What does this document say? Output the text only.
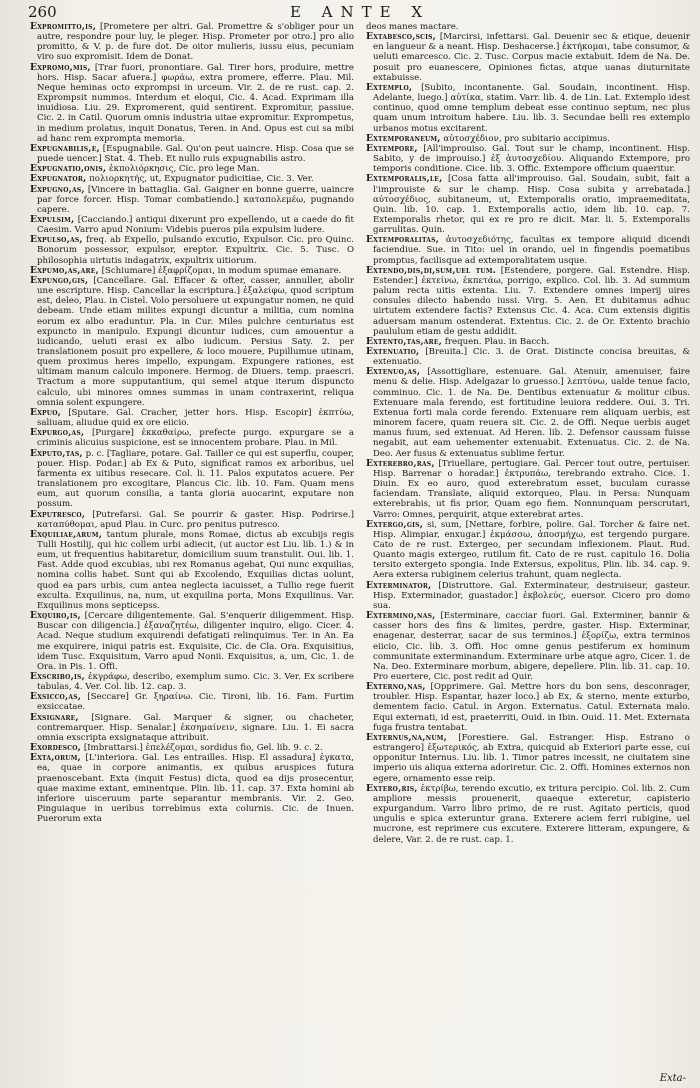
260	E ANTE X

Expromitto,is, [Prometere per altri. Gal. Promettre & s'obliger pour un autre, respondre pour luy, le pleger. Hisp. Prometer por otro.] pro alio promitto, & V. p. de fure dot. De oitor mulieris, iussu eius, pecuniam viro suo expromisit. Idem de Donat.

Expromo,mis, [Trar fuori, pronontiare. Gal. Tirer hors, produire, mettre hors. Hisp. Sacar afuera.] φωράω, extra promere, efferre. Plau. Mil. Neque heminas octo exprompsi in urceum. Vir. 2. de re rust. cap. 2. Exprompsit nummos. Interdum et eloqui, Cic. 4. Acad. Exprimam illa inuidiosa. Liu. 29. Expromerent, quid sentirent. Expromitur, passiue. Cic. 2. in Catil. Quorum omnis industria uitae expromitur. Exprompetus, in medium prolatus, inquit Donatus, Teren. in And. Opus est cui sa mibi ad hanc rem exprompta memoria.

Expugnabilis,e, [Espugnabile. Gal. Qu'on peut uaincre. Hisp. Cosa que se puede uencer.] Stat. 4. Theb. Et nullo ruis expugnabilis astro.

Expugnatio,onis, ἐκπολιόρκησις, Cic. pro lege Man.

Expugnator, πολιορκητής, ut, Expugnator pudicitiae, Cic. 3. Ver.

Expugno,as, [Vincere in battaglia. Gal. Gaigner en bonne guerre, uaincre par force forcer. Hisp. Tomar combatiendo.] καταπολεμέω, pugnando capere.

Expulsim, [Cacciando.] antiqui dixerunt pro expellendo, ut a caede do fit Caesim. Varro apud Nonium: Videbis pueros pila expulsim ludere.

Expulso,as, freq. ab Expello, pulsando excutio, Expulsor. Cic. pro Quinc. Bonorum possessor, expulsor, ereptor. Expultrix. Cic. 5. Tusc. O philosophia uirtutis indagatrix, expultrix uitiorum.

Expumo,as,are, [Schiumare] ἐξαφρίζομαι, in modum spumae emanare.

Expungo,gis, [Cancellare. Gal. Effacer & ofter, casser, annuller, abolir une escripture. Hisp. Cancellar la escriptura.] ἐξαλείφω, quod scriptum est, deleo, Plau. in Cistel. Volo persoluere ut expungatur nomen, ne quid debeam. Unde etiam milites expungi dicuntur a militia, cum nomina eorum ex albo eraduntur. Pla. in Cur. Miles pulchre centuriatus est expuncto in manipulo. Expungi dicuntur iudices, cum amouentur a iudicando, ueluti erasi ex albo iudicum. Persius Saty. 2. per translationem posuit pro expellere, & loco mouere, Pupillumue utinam, quem proximus heres impello, expungam. Expungere rationes, est ultimam manum calculo imponere. Hermog. de Diuers. temp. praescri. Tractum a more supputantium, qui semel atque iterum dispuncto calculo, ubi minores omnes summas in unam contraxerint, reliqua omnia solent expungere.

Expuo, [Sputare. Gal. Cracher, jetter hors. Hisp. Escopir] ἐκπτύω, saliuam, aliudue quid ex ore eiicio.

Expurgo,as, [Purgare] ἐκκαθαίρω, prefecte purgo. expurgare se a criminis alicuius suspicione, est se innocentem probare. Plau. in Mil.

Exputo,tas, p. c. [Tagliare, potare. Gal. Tailler ce qui est superflu, couper, pouer. Hisp. Podar.] ab Ex & Puto, significat ramos ex arboribus, uel farmenta ex uitibus resecare. Col. li. 11. Palos exputatos acuere. Per translationem pro excogitare, Plancus Cic. lib. 10. Fam. Quam mens eum, aut quorum consilia, a tanta gloria auocarint, exputare non possum.

Exputresco, [Putrefarsi. Gal. Se pourrir & gaster. Hisp. Podrirse.] καταπύθομαι, apud Plau. in Curc. pro penitus putresco.

Exquiliae,arum, tantum plurale, mons Romae, dictus ab excubijs regis Tulli Hostilij, qui hic collem urbi adiecit, (ut auctor est Liu. lib. 1.) & in eum, ut frequentius habitaretur, domicilium suum transtulit. Oui. lib. 1. Fast. Adde quod excubias, ubi rex Romanus agebat, Qui nunc exquilias, nomina collis habet. Sunt qui ab Excolendo, Exquilias dictas uolunt, quod ea pars urbis, cum antea neglecta iacuisset, a Tullio rege fuerit exculta. Exquilinus, na, num, ut exquilina porta, Mons Exquilinus. Var. Exquilinus mons septicepss.

Exquiro,is, [Cercare diligentemente. Gal. S'enquerir diligemment. Hisp. Buscar con diligencia.] ἐξαναζητέω, diligenter inquiro, eligo. Cicer. 4. Acad. Neque studium exquirendi defatigati relinquimus. Ter. in An. Ea me exquirere, iniqui patris est. Exquisite, Cic. de Cla. Ora. Exquisitius, idem Tusc. Exquisitum, Varro apud Nonii. Exquisitus, a, um, Cic. 1. de Ora. in Pis. 1. Offi.

Exscribo,is, ἐκγράφω, describo, exemplum sumo. Cic. 3. Ver. Ex scribere tabulas, 4. Ver. Col. lib. 12. cap. 3.

Exsicco,as, [Seccare] Gr. ξηραίνω. Cic. Tironi, lib. 16. Fam. Furtim exsiccatae.

Exsignare, [Signare. Gal. Marquer & signer, ou chacheter, contremarquer. Hisp. Senalar.] ἐκσημαίνειν, signare. Liu. 1. Ei sacra omnia exscripta exsignataque attribuit.

Exordesco, [Imbrattarsi.] ἐπελέζομαι, sordidus fio, Gel. lib. 9. c. 2.

Exta,orum, [L'interiora. Gal. Les entrailles. Hisp. El assadura] ἐγκατα, ea, quae in corpore animantis, ex quibus aruspices futura praenoscebant. Exta (inquit Festus) dicta, quod ea dijs prosecentur, quae maxime extant, eminentque. Plin. lib. 11. cap. 37. Exta homini ab inferiore uisceruum parte separantur membranis. Vir. 2. Geo. Pinguiaque in ueribus torrebimus exta colurnis. Cic. de Inuen. Puerorum exta

deos manes mactare.

Extabesco,scis, [Marcirsi, infettarsi. Gal. Deuenir sec & etique, deuenir en langueur & a neant. Hisp. Deshacerse.] ἐκτήκομαι, tabe consumor, & ueluti emarcesco. Cic. 2. Tusc. Corpus macie extabuit. Idem de Na. De. posuit pro euanescere, Opiniones fictas, atque uanas diuturnitate extabuisse.

Extemplo, [Subito, incontanente. Gal. Soudain, incontinent. Hisp. Adelante, luego.] αὐτίκα, statim. Varr. lib. 4. de Lin. Lat. Extemplo idest continuo, quod omne templum debeat esse continuo septum, nec plus quam unum introitum habere. Liu. lib. 3. Secundae belli res extemplo urbanos motus excitarent.

Extemporaneum, αὐτοσχέδιον, pro subitario accipimus.

Extempore, [All'improuiso. Gal. Tout sur le champ, incontinent. Hisp. Sabito, y de improuiso.] ἐξ ἀυτοσχεδίου. Aliquando Extempore, pro temporis conditione. Cice. lib. 3. Offic. Extempore officium quaeritur.

Extemporalis,le, [Cosa fatta all'improuiso. Gal. Soudain, subit, fait a l'improuiste & sur le champ. Hisp. Cosa subita y arrebatada.] αὐτοσχέδιος, subitaneum, ut, Extemporalis oratio, impraemeditata, Quin. lib. 10. cap. 1. Extemporalis actio, idem lib. 10. cap. 7. Extemporalis rhetor, qui ex re pro re dicit. Mar. li. 5. Extemporalis garrulitas. Quin.

Extemporalitas, ἀυτοσχεδιότης, facultas ex tempore aliquid dicendi faciendiue. Sue. in Tito: uel in orando, uel in fingendis poematibus promptus, facilisque ad extemporalitatem usque.

Extendo,dis,di,sum,uel tum. [Estendere, porgere. Gal. Estendre. Hisp. Estender.] ἐκτείνω, ἐκπετάω, porrigo, explico. Col. lib. 3. Ad summum palum recta uitis extenta. Liu. 7. Extendere omnes imperij uires consules dilecto habendo iussi. Virg. 5. Aen. Et dubitamus adhuc uirtutem extendere factis? Extensus Cic. 4. Aca. Cum extensis digitis aduersam manum ostenderat. Extentus. Cic. 2. de Or. Extento brachio paululum etiam de gestu addidit.

Extento,tas,are, frequen. Plau. in Bacch.

Extenuatio, [Breuita.] Cic. 3. de Orat. Distincte concisa breuitas, & extenuatio.

Extenuo,as, [Assottigliare, estenuare. Gal. Atenuir, amenuiser, faire menu & delie. Hisp. Adelgazar lo gruesso.] λεπτύνω, ualde tenue facio, comminuo. Cic. 1. de Na. De. Dentibus extenuatur & molitur cibus. Extenuare mala ferendo, est fortitudine leuiora reddere. Oui. 3. Tri. Extenua forti mala corde ferendo. Extenuare rem aliquam uerbis, est minorem facere, quam reuera sit. Cic. 2. de Offi. Neque uerbis auget manus fuum, sed extenuat. Ad Heren. lib. 2. Defensor caussam fuisse negabit, aut eam uehementer extenuabit. Extenuatus. Cic. 2. de Na. Deo. Aer fusus & extenuatus sublime fertur.

Exterebro,ras, [Triuellare, pertugiare. Gal. Percer tout outre, pertuiser. Hisp. Barrenar o horadar.] ἐκτρυπάω, terebrando extraho. Cice. 1. Diuin. Ex eo auro, quod exterebratum esset, buculam curasse faciendam. Translate, aliquid extorqueo, Plau. in Persa: Nunquam exterebrabis, ut fis prior, Quam ego fiem. Nonnunquam perscrutari, Varro: Omnes, perquirit, atque exterebrat artes.

Extergo,gis, si, sum, [Nettare, forbire, polire. Gal. Torcher & faire net. Hisp. Alimpiar, enxugar.] ἐκμάσσω, ἀποσμήχω, est tergendo purgare. Cato de re rust. Extergeo, per secundam inflexionem. Plaut. Rud. Quanto magis extergeo, rutilum fit. Cato de re rust. capitulo 16. Dolia tersito extergeto spongia. Inde Extersus, expolitus, Plin. lib. 34. cap. 9. Aera extersa rubiginem celerius trahunt, quam neglecta.

Exterminator, [Distruttore. Gal. Exterminateur, destruiseur, gasteur. Hisp. Exterminador, guastador.] ἐκβολεύς, euersor. Cicero pro domo sua.

Extermino,nas, [Esterminare, cacciar fuori. Gal. Exterminer, bannir & casser hors des fins & limites, perdre, gaster. Hisp. Exterminar, enagenar, desterrar, sacar de sus terminos.] ἐξορίζω, extra terminos eiicio, Cic. lib. 3. Offi. Hoc omne genus pestiferum ex hominum communitate exterminandum. Exterminare urbe atque agro, Cicer. 1. de Na. Deo. Exterminare morbum, abigere, depellere. Plin. lib. 31. cap. 10. Pro euertere, Cic. post redit ad Quir.

Externo,nas, [Opprimere. Gal. Mettre hors du bon sens, desconrager, troubler. Hisp. Espantar, hazer loco.] ab Ex, & sterno, mente exturbo, dementem facio. Catul. in Argon. Externatus. Catul. Externata malo. Equi externati, id est, praeterriti, Ouid. in Ibin. Ouid. 11. Met. Externata fuga frustra tentabat.

Externus,na,num, [Forestiere. Gal. Estranger. Hisp. Estrano o estrangero] ἐξωτερικός, ab Extra, quicquid ab Exteriori parte esse, cui opponitur Internus. Liu. lib. 1. Timor patres incessit, ne ciuitatem sine imperio uis aliqua externa adoriretur. Cic. 2. Offi. Homines externos non egere, ornamento esse reip.

Extero,ris, ἐκτρίβω, terendo excutio, ex tritura percipio. Col. lib. 2. Cum ampliore messis prouenerit, quaeque exteretur, capisterio expurgandum. Varro libro primo, de re rust. Agitato perticis, quod ungulis e spica exteruntur grana. Exterere aciem ferri rubigine, uel mucrone, est reprimere cus excutere. Exterere litteram, expungere, & delere, Var. 2. de re rust. cap. 1.

Exta-
